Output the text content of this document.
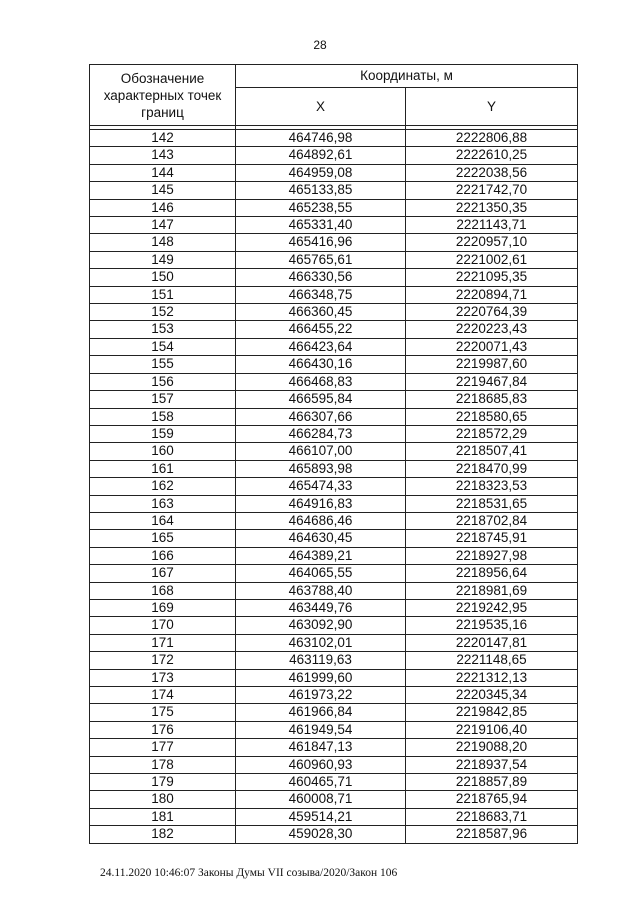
28
Обозначение характерных точек границ	Координаты, м	
	X	Y

142	464746,98	2222806,88
143	464892,61	2222610,25
144	464959,08	2222038,56
145	465133,85	2221742,70
146	465238,55	2221350,35
147	465331,40	2221143,71
148	465416,96	2220957,10
149	465765,61	2221002,61
150	466330,56	2221095,35
151	466348,75	2220894,71
152	466360,45	2220764,39
153	466455,22	2220223,43
154	466423,64	2220071,43
155	466430,16	2219987,60
156	466468,83	2219467,84
157	466595,84	2218685,83
158	466307,66	2218580,65
159	466284,73	2218572,29
160	466107,00	2218507,41
161	465893,98	2218470,99
162	465474,33	2218323,53
163	464916,83	2218531,65
164	464686,46	2218702,84
165	464630,45	2218745,91
166	464389,21	2218927,98
167	464065,55	2218956,64
168	463788,40	2218981,69
169	463449,76	2219242,95
170	463092,90	2219535,16
171	463102,01	2220147,81
172	463119,63	2221148,65
173	461999,60	2221312,13
174	461973,22	2220345,34
175	461966,84	2219842,85
176	461949,54	2219106,40
177	461847,13	2219088,20
178	460960,93	2218937,54
179	460465,71	2218857,89
180	460008,71	2218765,94
181	459514,21	2218683,71
182	459028,30	2218587,96
24.11.2020 10:46:07 Законы Думы VII созыва/2020/Закон 106
